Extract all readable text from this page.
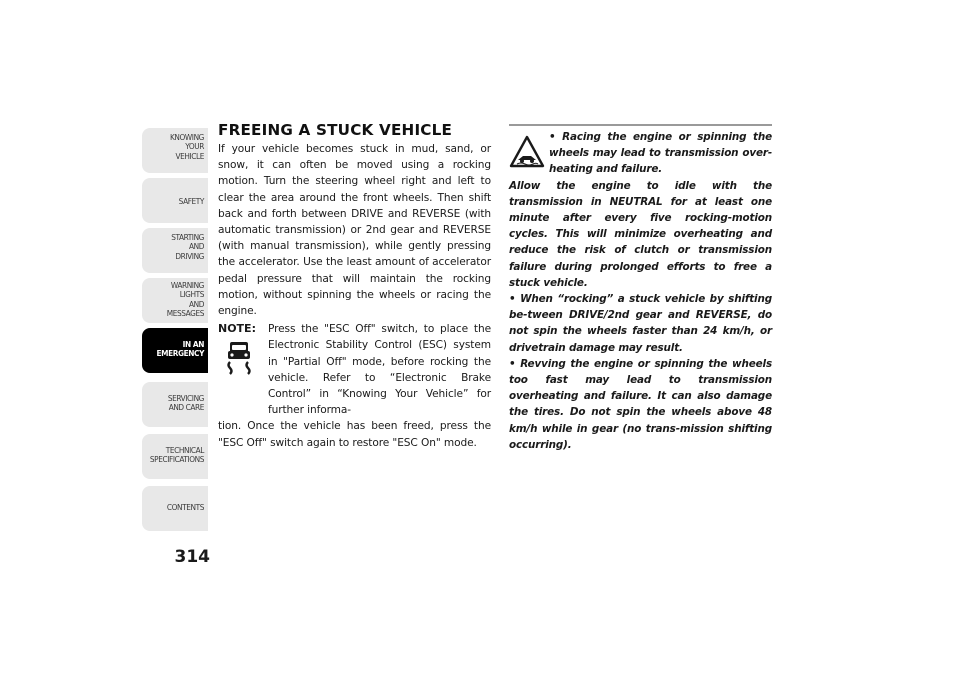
KNOWING
YOUR
VEHICLE
SAFETY
STARTING
AND
DRIVING
WARNING
LIGHTS
AND
MESSAGES
IN AN
EMERGENCY
SERVICING
AND CARE
TECHNICAL
SPECIFICATIONS
CONTENTS
314
FREEING A STUCK VEHICLE

If your vehicle becomes stuck in mud, sand, or snow, it can often be moved using a rocking motion. Turn the steering wheel right and left to clear the area around the front wheels. Then shift back and forth between DRIVE and REVERSE (with automatic transmission) or 2nd gear and REVERSE (with manual transmission), while gently pressing the accelerator. Use the least amount of accelerator pedal pressure that will maintain the rocking motion, without spinning the wheels or racing the engine.

NOTE: Press the "ESC Off" switch, to place the Electronic Stability Control (ESC) system in "Partial Off" mode, before rocking the vehicle. Refer to “Electronic Brake Control” in “Knowing Your Vehicle” for further informa-

tion. Once the vehicle has been freed, press the "ESC Off" switch again to restore "ESC On" mode.

• Racing the engine or spinning the wheels may lead to transmission over-heating and failure.

Allow the engine to idle with the transmission in NEUTRAL for at least one minute after every five rocking-motion cycles. This will minimize overheating and reduce the risk of clutch or transmission failure during prolonged efforts to free a stuck vehicle.

• When “rocking” a stuck vehicle by shifting be-tween DRIVE/2nd gear and REVERSE, do not spin the wheels faster than 24 km/h, or drivetrain damage may result.

• Revving the engine or spinning the wheels too fast may lead to transmission overheating and failure. It can also damage the tires. Do not spin the wheels above 48 km/h while in gear (no trans-mission shifting occurring).
